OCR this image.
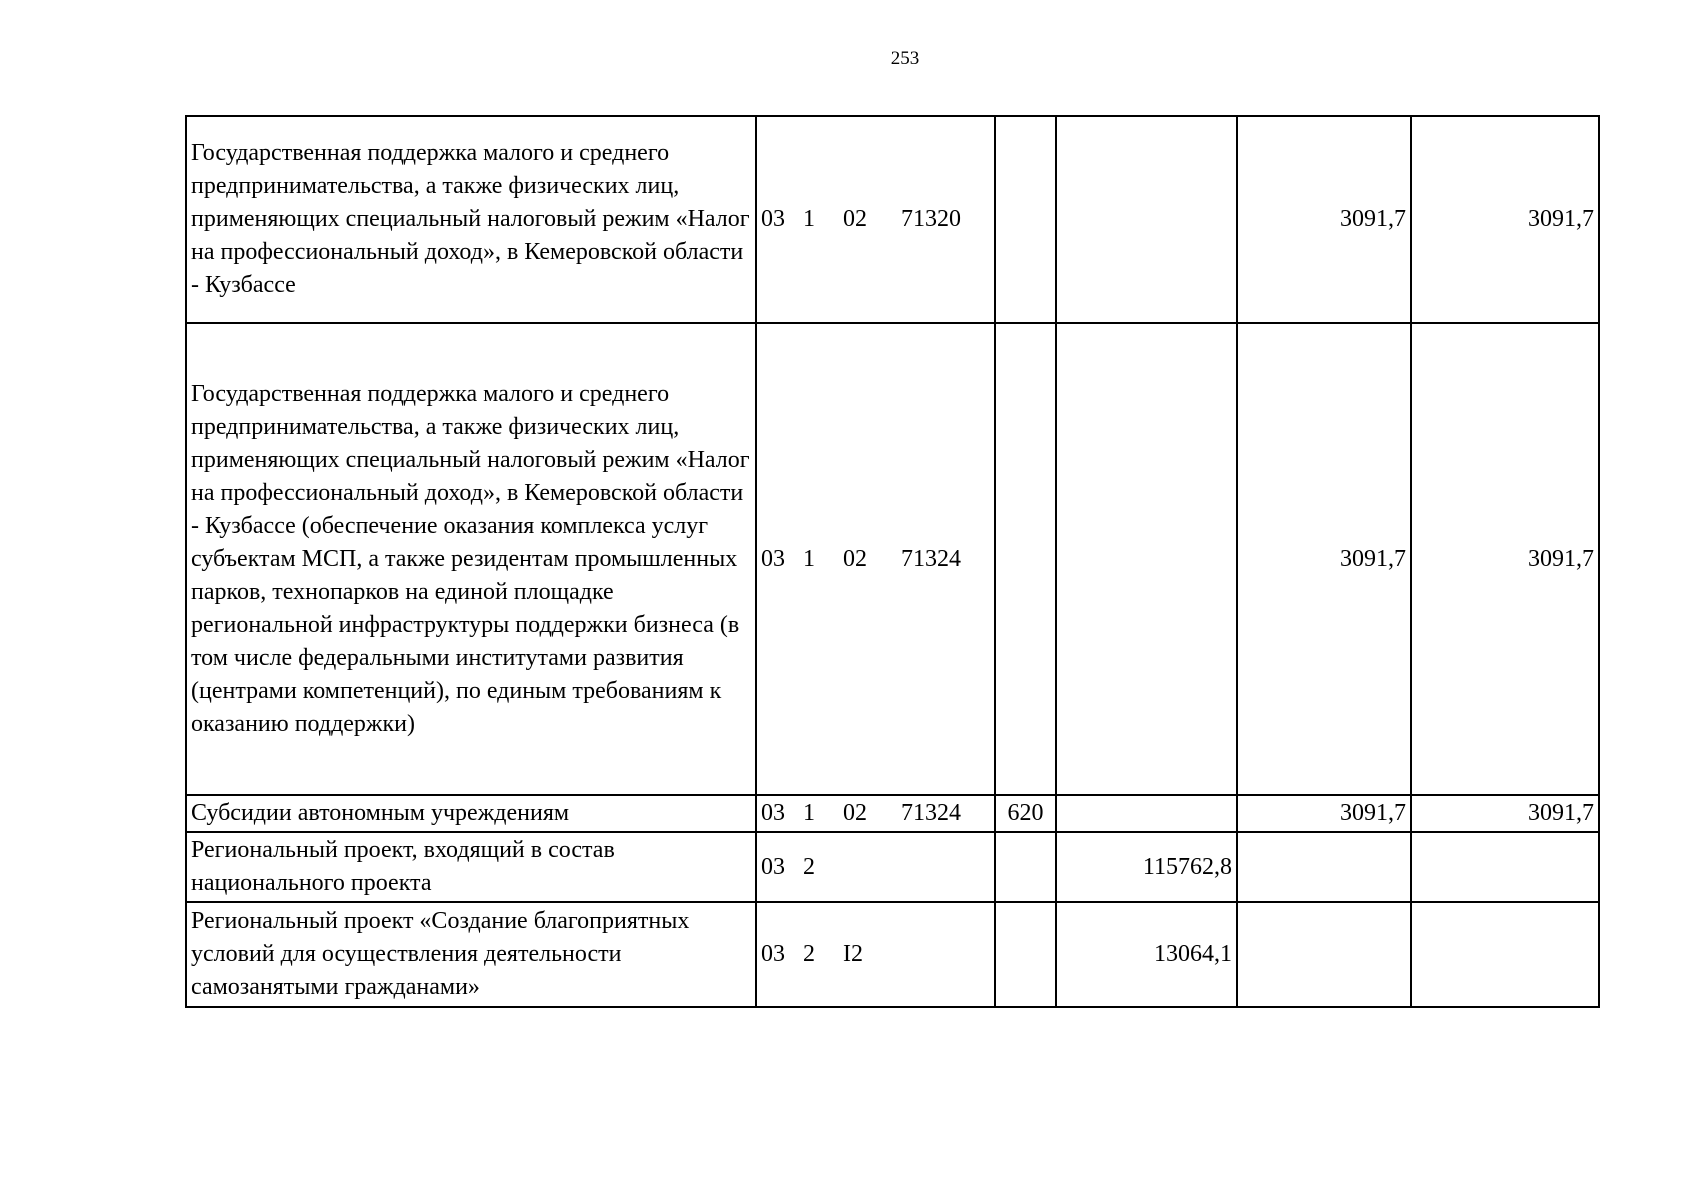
253
Государственная поддержка малого и среднего предпринимательства, а также физических лиц, применяющих специальный налоговый режим «Налог на профессиональный доход», в Кемеровской области - Кузбассе	03 1 02 71320			3091,7	3091,7
Государственная поддержка малого и среднего предпринимательства, а также физических лиц, применяющих специальный налоговый режим «Налог на профессиональный доход», в Кемеровской области - Кузбассе (обеспечение оказания комплекса услуг субъектам МСП, а также резидентам промышленных парков, технопарков на единой площадке региональной инфраструктуры поддержки бизнеса (в том числе федеральными институтами развития (центрами компетенций), по единым требованиям к оказанию поддержки)	03 1 02 71324			3091,7	3091,7
Субсидии автономным учреждениям	03 1 02 71324	620		3091,7	3091,7
Региональный проект, входящий в состав национального проекта	03 2		115762,8		
Региональный проект «Создание благоприятных условий для осуществления деятельности самозанятыми гражданами»	03 2 I2		13064,1		
